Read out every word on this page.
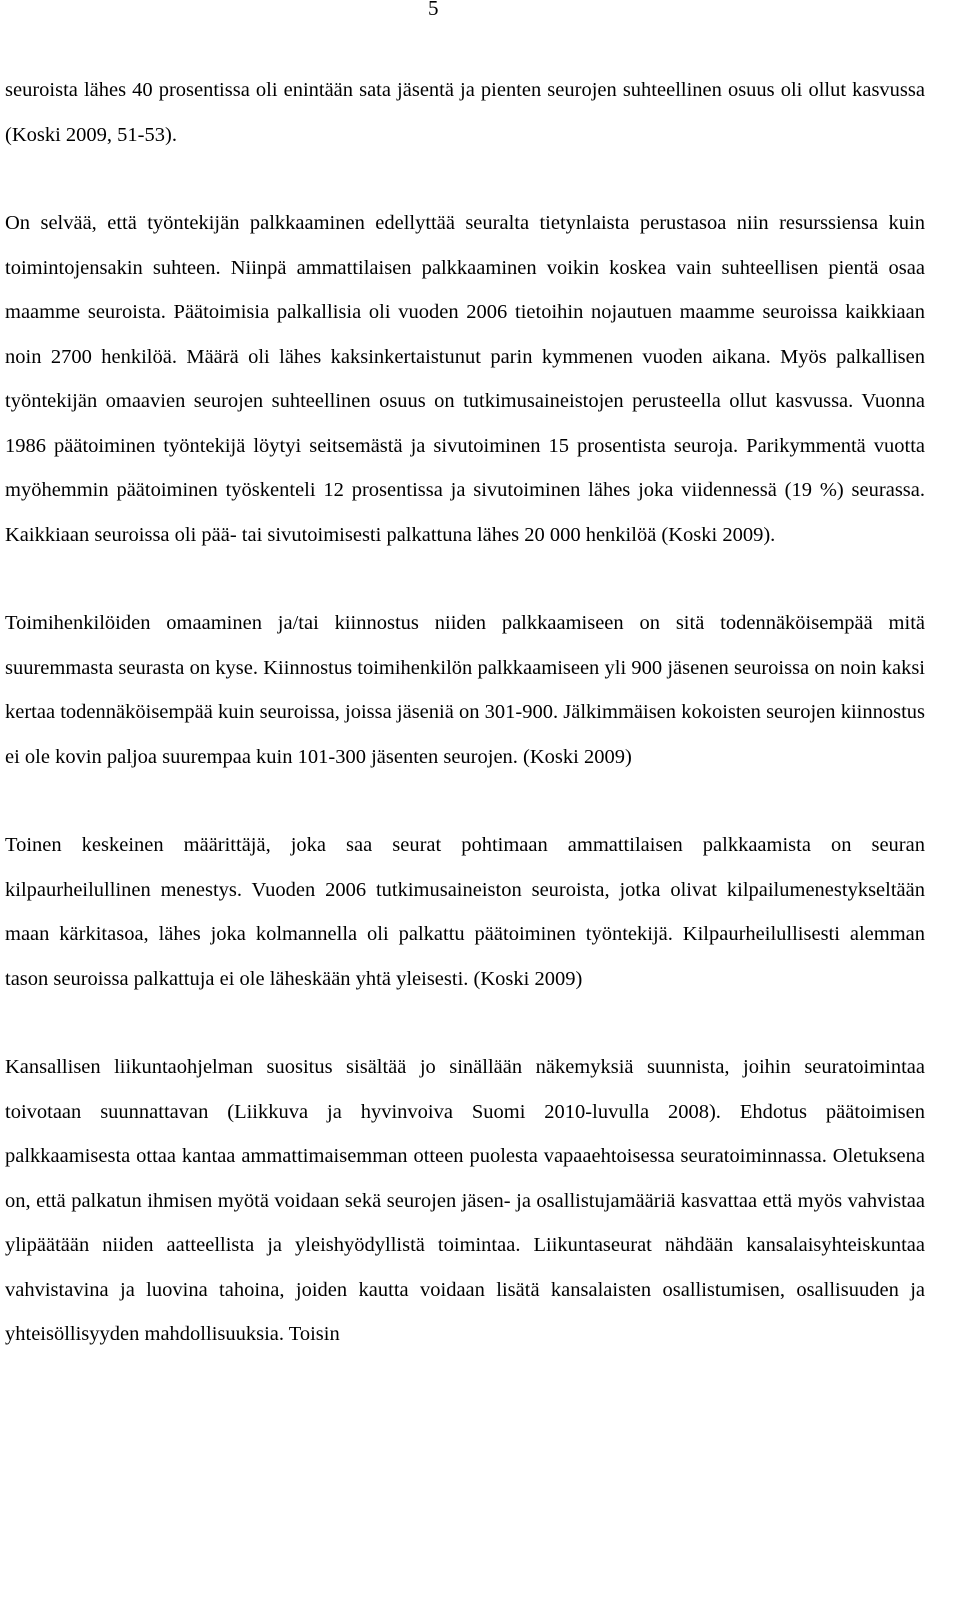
5

seuroista lähes 40 prosentissa oli enintään sata jäsentä ja pienten seurojen suhteellinen osuus oli ollut kasvussa (Koski 2009, 51-53).

On selvää, että työntekijän palkkaaminen edellyttää seuralta tietynlaista perustasoa niin resurssiensa kuin toimintojensakin suhteen. Niinpä ammattilaisen palkkaaminen voikin koskea vain suhteellisen pientä osaa maamme seuroista. Päätoimisia palkallisia oli vuoden 2006 tietoihin nojautuen maamme seuroissa kaikkiaan noin 2700 henkilöä. Määrä oli lähes kaksinkertaistunut parin kymmenen vuoden aikana. Myös palkallisen työntekijän omaavien seurojen suhteellinen osuus on tutkimusaineistojen perusteella ollut kasvussa. Vuonna 1986 päätoiminen työntekijä löytyi seitsemästä ja sivutoiminen 15 prosentista seuroja. Parikymmentä vuotta myöhemmin päätoiminen työskenteli 12 prosentissa ja sivutoiminen lähes joka viidennessä (19 %) seurassa. Kaikkiaan seuroissa oli pää- tai sivutoimisesti palkattuna lähes 20 000 henkilöä (Koski 2009).

Toimihenkilöiden omaaminen ja/tai kiinnostus niiden palkkaamiseen on sitä todennäköisempää mitä suuremmasta seurasta on kyse. Kiinnostus toimihenkilön palkkaamiseen yli 900 jäsenen seuroissa on noin kaksi kertaa todennäköisempää kuin seuroissa, joissa jäseniä on 301-900. Jälkimmäisen kokoisten seurojen kiinnostus ei ole kovin paljoa suurempaa kuin 101-300 jäsenten seurojen. (Koski 2009)

Toinen keskeinen määrittäjä, joka saa seurat pohtimaan ammattilaisen palkkaamista on seuran kilpaurheilullinen menestys. Vuoden 2006 tutkimusaineiston seuroista, jotka olivat kilpailumenestykseltään maan kärkitasoa, lähes joka kolmannella oli palkattu päätoiminen työntekijä. Kilpaurheilullisesti alemman tason seuroissa palkattuja ei ole läheskään yhtä yleisesti. (Koski 2009)

Kansallisen liikuntaohjelman suositus sisältää jo sinällään näkemyksiä suunnista, joihin seuratoimintaa toivotaan suunnattavan (Liikkuva ja hyvinvoiva Suomi 2010-luvulla 2008). Ehdotus päätoimisen palkkaamisesta ottaa kantaa ammattimaisemman otteen puolesta vapaaehtoisessa seuratoiminnassa. Oletuksena on, että palkatun ihmisen myötä voidaan sekä seurojen jäsen- ja osallistujamääriä kasvattaa että myös vahvistaa ylipäätään niiden aatteellista ja yleishyödyllistä toimintaa. Liikuntaseurat nähdään kansalaisyhteiskuntaa vahvistavina ja luovina tahoina, joiden kautta voidaan lisätä kansalaisten osallistumisen, osallisuuden ja yhteisöllisyyden mahdollisuuksia. Toisin
